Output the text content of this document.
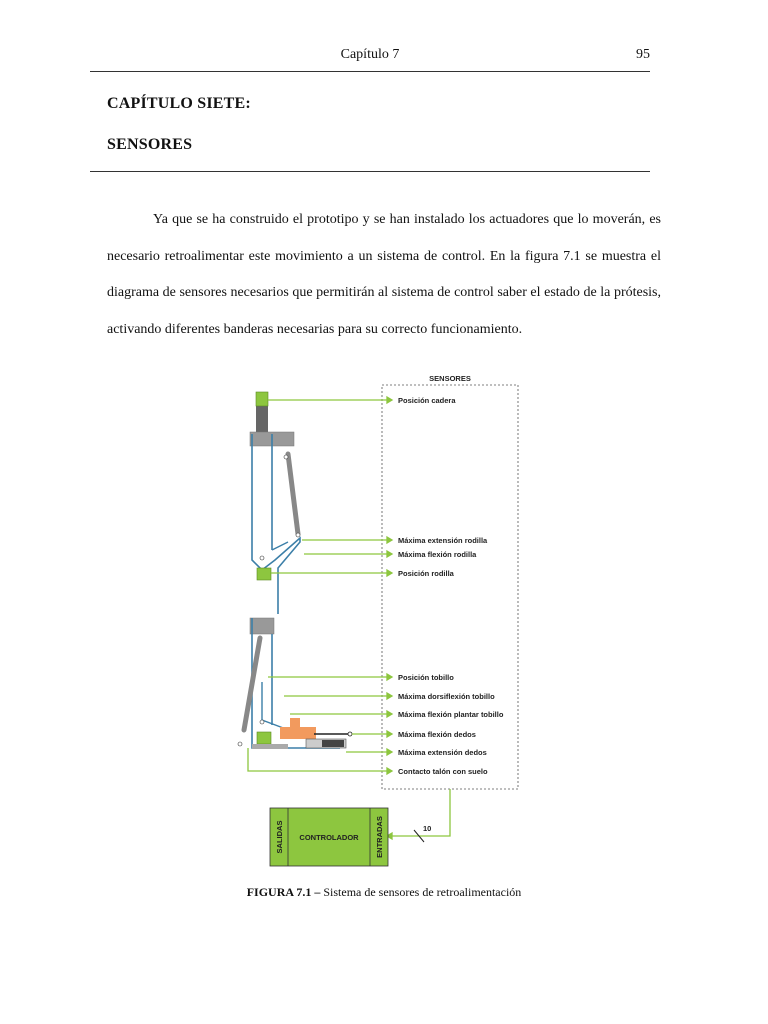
Capítulo 7	95
CAPÍTULO SIETE:
SENSORES
Ya que se ha construido el prototipo y se han instalado los actuadores que lo moverán, es necesario retroalimentar este movimiento a un sistema de control. En la figura 7.1 se muestra el diagrama de sensores necesarios que permitirán al sistema de control saber el estado de la prótesis, activando diferentes banderas necesarias para su correcto funcionamiento.
SENSORES
Posición cadera
Máxima extensión rodilla
Máxima flexión rodilla
Posición rodilla
Posición tobillo
Máxima dorsiflexión tobillo
Máxima flexión plantar tobillo
Máxima flexión dedos
Máxima extensión dedos
Contacto talón con suelo
CONTROLADOR
SALIDAS	ENTRADAS	10
FIGURA 7.1 – Sistema de sensores de retroalimentación
